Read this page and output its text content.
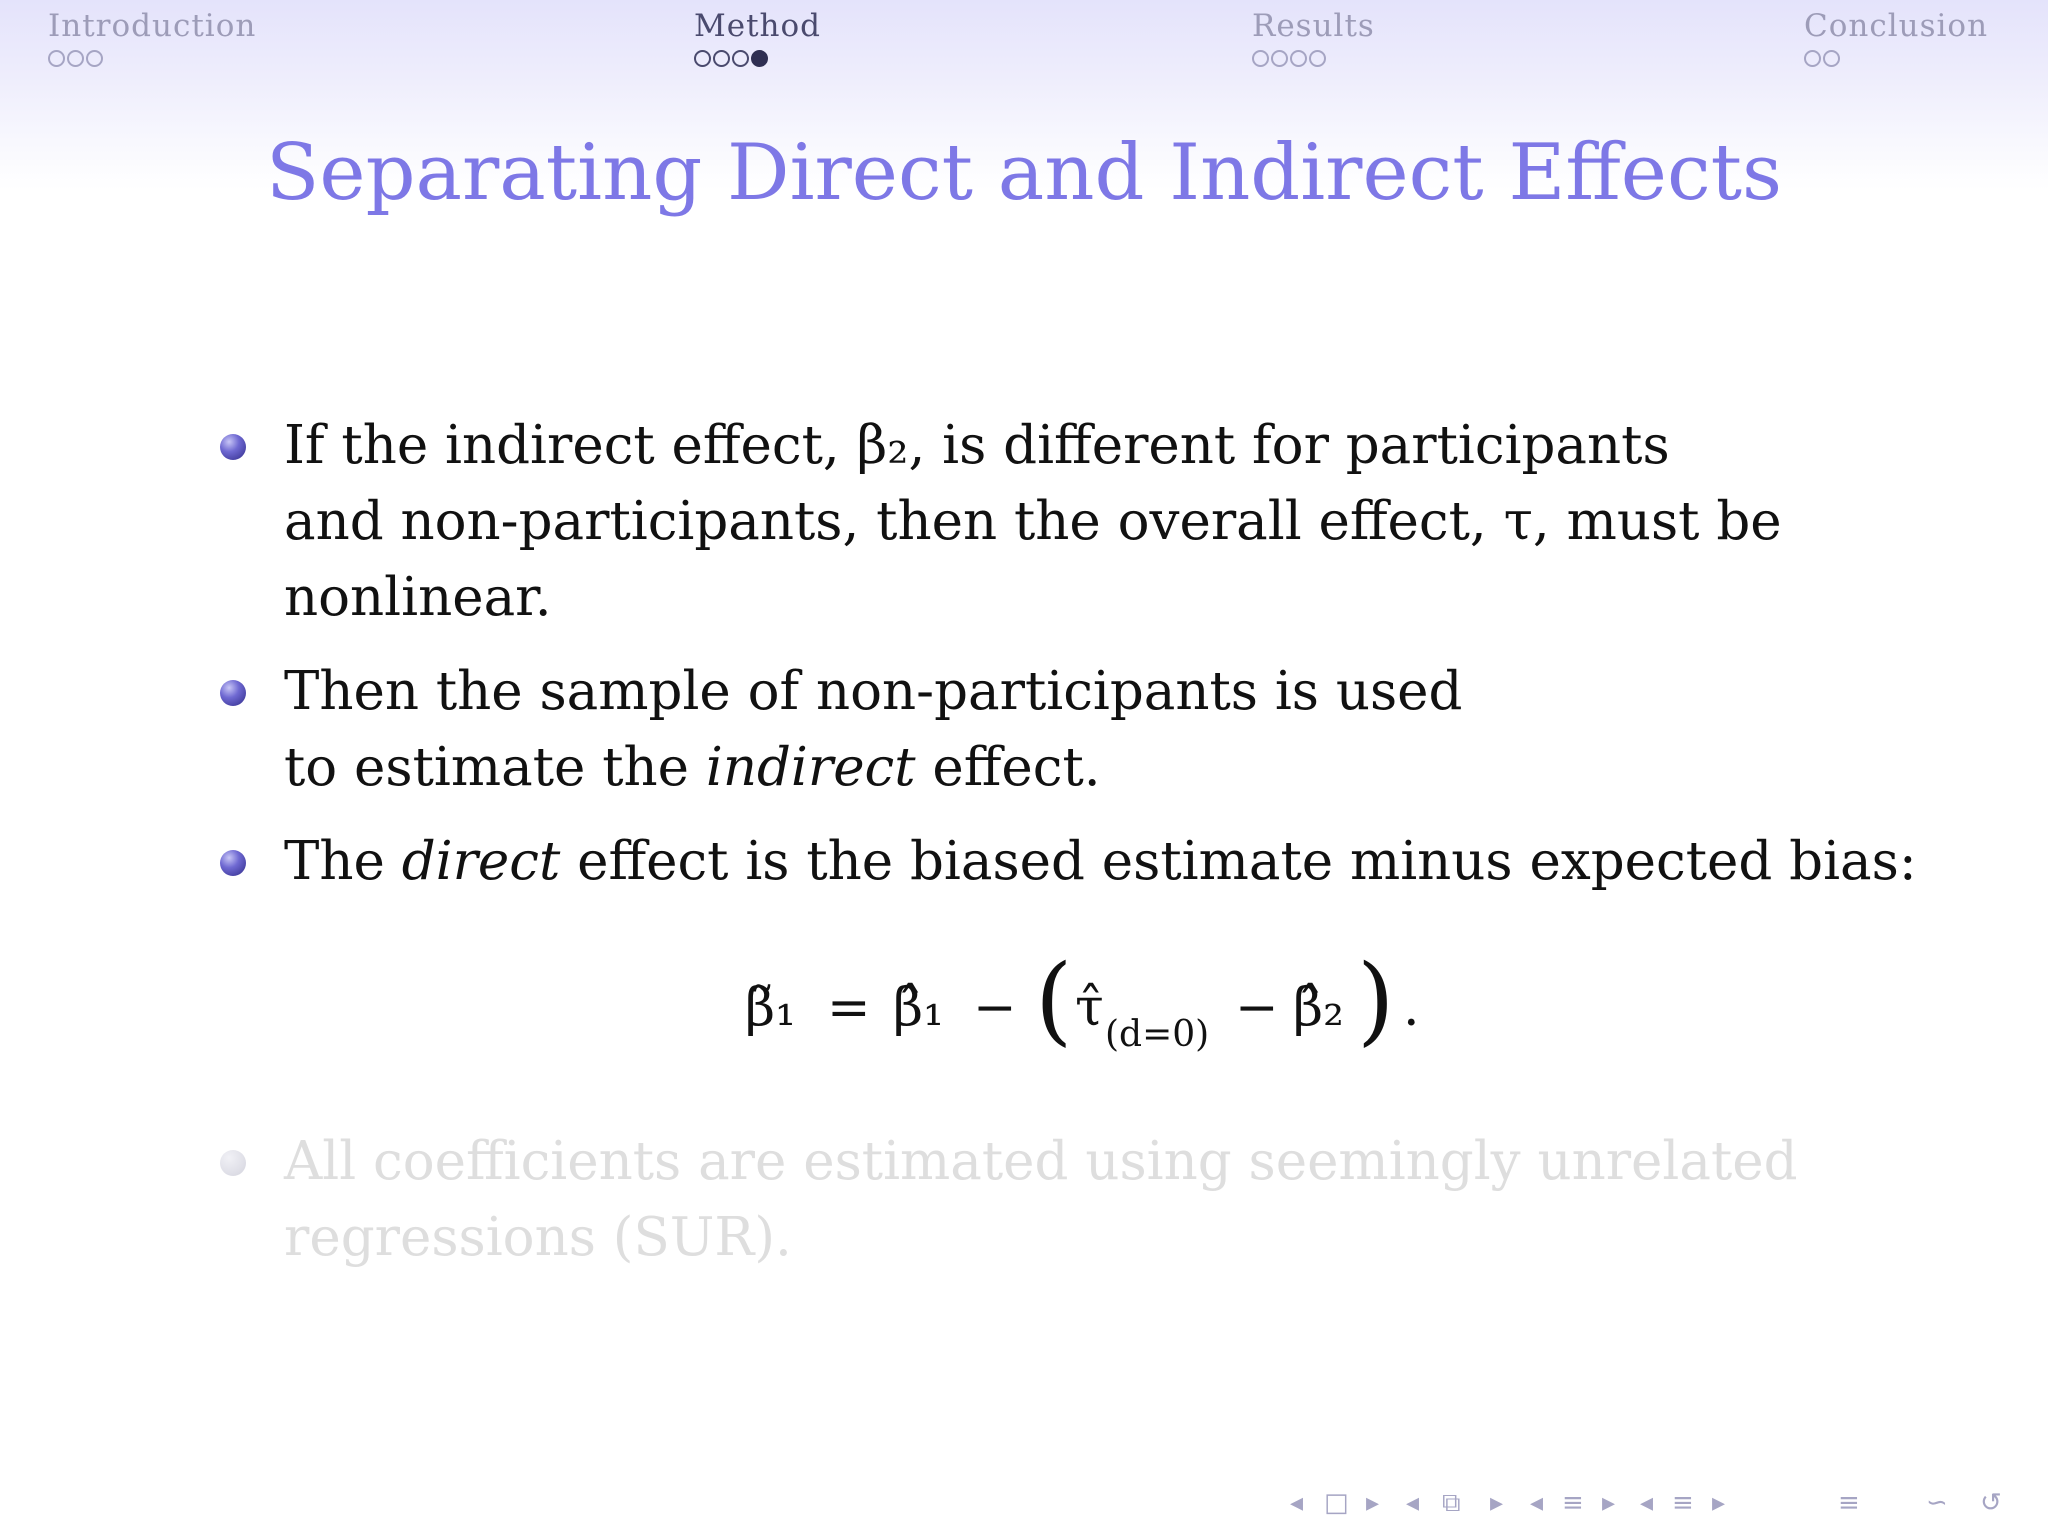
Introduction	Method	Results	Conclusion
Separating Direct and Indirect Effects
If the indirect effect, β₂, is different for participants
and non-participants, then the overall effect, τ, must be
nonlinear.
Then the sample of non-participants is used
to estimate the indirect effect.
The direct effect is the biased estimate minus expected bias:
All coefficients are estimated using seemingly unrelated
regressions (SUR).
β̃₁ = β̂₁ − ( τ̂ (d=0) − β̂₂ ) .
◂ □ ▸ ◂ ⧉ ▸ ◂ ≡ ▸ ◂ ≡ ▸	≡	∽ ↺
